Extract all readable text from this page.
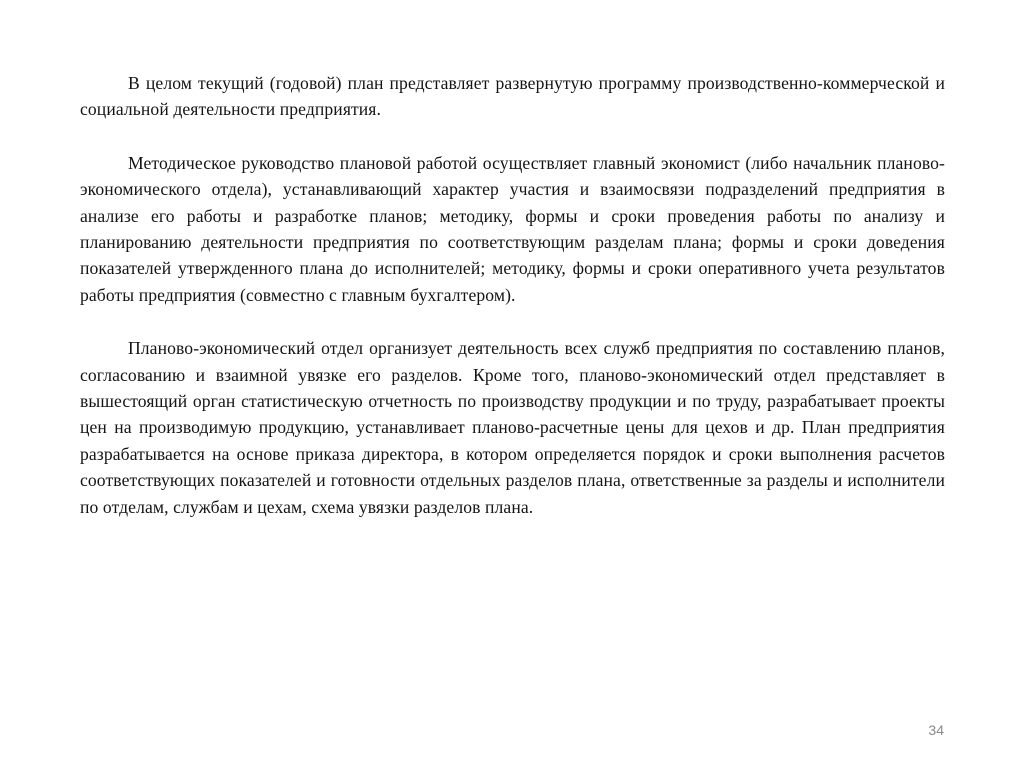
В целом текущий (годовой) план представляет развернутую программу производственно-коммерческой и социальной деятельности предприятия.

Методическое руководство плановой работой осуществляет главный экономист (либо начальник планово-экономического отдела), устанавливающий характер участия и взаимосвязи подразделений предприятия в анализе его работы и разработке планов; методику, формы и сроки проведения работы по анализу и планированию деятельности предприятия по соответствующим разделам плана; формы и сроки доведения показателей утвержденного плана до исполнителей; методику, формы и сроки оперативного учета результатов работы предприятия (совместно с главным бухгалтером).

Планово-экономический отдел организует деятельность всех служб предприятия по составлению планов, согласованию и взаимной увязке его разделов. Кроме того, планово-экономический отдел представляет в вышестоящий орган статистическую отчетность по производству продукции и по труду, разрабатывает проекты цен на производимую продукцию, устанавливает планово-расчетные цены для цехов и др. План предприятия разрабатывается на основе приказа директора, в котором определяется порядок и сроки выполнения расчетов соответствующих показателей и готовности отдельных разделов плана, ответственные за разделы и исполнители по отделам, службам и цехам, схема увязки разделов плана.

34
